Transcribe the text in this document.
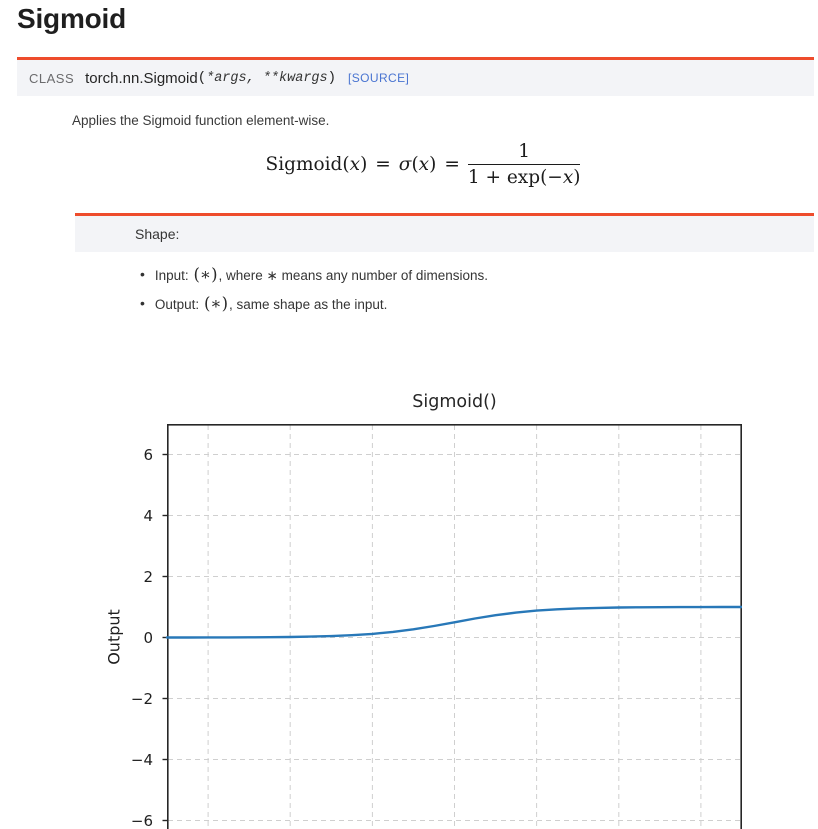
Sigmoid
CLASS torch.nn.Sigmoid ( *args, **kwargs ) [SOURCE]
Applies the Sigmoid function element-wise.
Sigmoid ( x ) = σ ( x ) = $\frac{1}{1 + \exp(-x)}$
Shape:
• Input: (∗), where ∗ means any number of dimensions.
• Output: (∗), same shape as the input.
Sigmoid()
Output
6
4
2
0
−2
−4
−6
